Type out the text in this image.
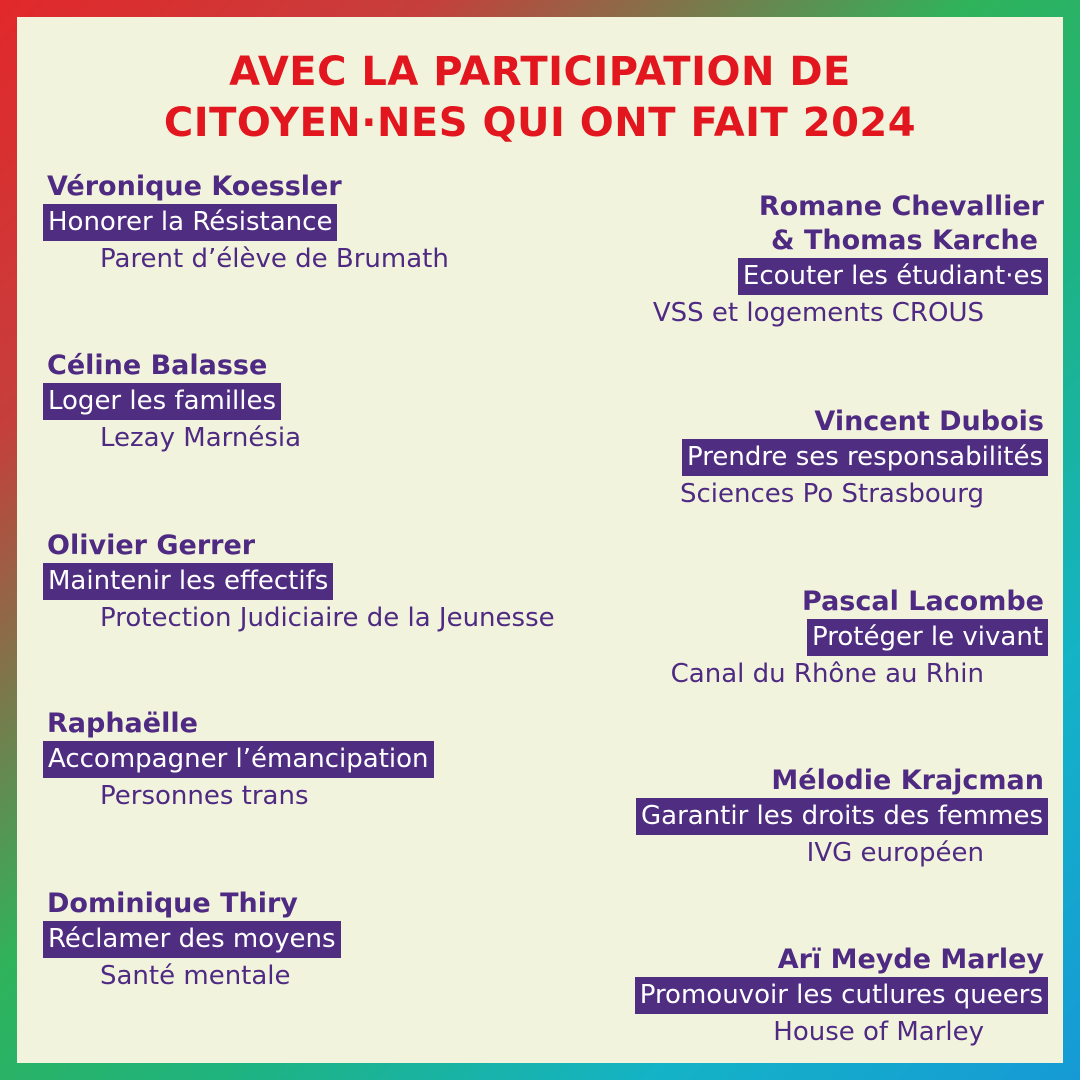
AVEC LA PARTICIPATION DE
CITOYEN·NES QUI ONT FAIT 2024
Véronique Koessler
Honorer la Résistance
Parent d’élève de Brumath
Céline Balasse
Loger les familles
Lezay Marnésia
Olivier Gerrer
Maintenir les effectifs
Protection Judiciaire de la Jeunesse
Raphaëlle
Accompagner l’émancipation
Personnes trans
Dominique Thiry
Réclamer des moyens
Santé mentale
Romane Chevallier
& Thomas Karche
Ecouter les étudiant·es
VSS et logements CROUS
Vincent Dubois
Prendre ses responsabilités
Sciences Po Strasbourg
Pascal Lacombe
Protéger le vivant
Canal du Rhône au Rhin
Mélodie Krajcman
Garantir les droits des femmes
IVG européen
Arï Meyde Marley
Promouvoir les cutlures queers
House of Marley
